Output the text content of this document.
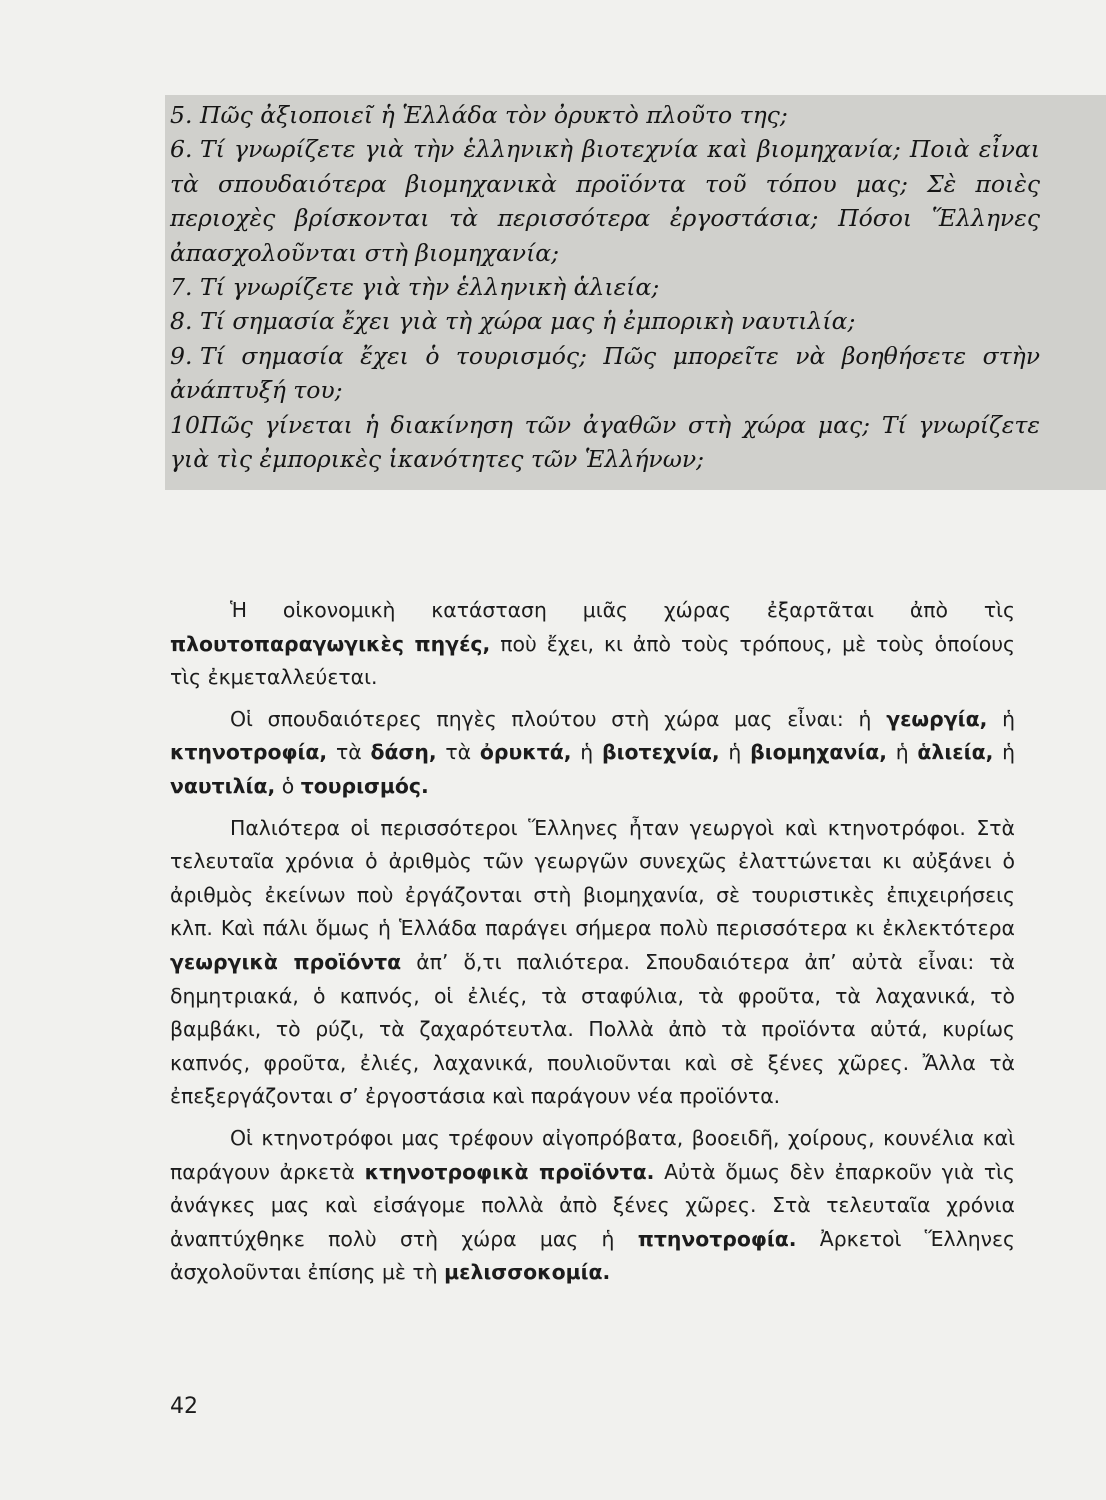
5. Πῶς ἀξιοποιεῖ ἡ Ἑλλάδα τὸν ὀρυκτὸ πλοῦτο της;
6. Τί γνωρίζετε γιὰ τὴν ἑλληνικὴ βιοτεχνία καὶ βιομηχανία; Ποιὰ εἶναι τὰ σπουδαιότερα βιομηχανικὰ προϊόντα τοῦ τόπου μας; Σὲ ποιὲς περιοχὲς βρίσκονται τὰ περισσότερα ἐργοστάσια; Πόσοι Ἕλληνες ἀπασχολοῦνται στὴ βιομηχανία;
7. Τί γνωρίζετε γιὰ τὴν ἑλληνικὴ ἁλιεία;
8. Τί σημασία ἔχει γιὰ τὴ χώρα μας ἡ ἐμπορικὴ ναυτιλία;
9. Τί σημασία ἔχει ὁ τουρισμός; Πῶς μπορεῖτε νὰ βοηθήσετε στὴν ἀνάπτυξή του;
10.Πῶς γίνεται ἡ διακίνηση τῶν ἀγαθῶν στὴ χώρα μας; Τί γνωρίζετε γιὰ τὶς ἐμπορικὲς ἱκανότητες τῶν Ἑλλήνων;

Ἡ οἰκονομικὴ κατάσταση μιᾶς χώρας ἐξαρτᾶται ἀπὸ τὶς πλουτοπαραγωγικὲς πηγές, ποὺ ἔχει, κι ἀπὸ τοὺς τρόπους, μὲ τοὺς ὁποίους τὶς ἐκμεταλλεύεται.

Οἱ σπουδαιότερες πηγὲς πλούτου στὴ χώρα μας εἶναι: ἡ γεωργία, ἡ κτηνοτροφία, τὰ δάση, τὰ ὀρυκτά, ἡ βιοτεχνία, ἡ βιομηχανία, ἡ ἁλιεία, ἡ ναυτιλία, ὁ τουρισμός.

Παλιότερα οἱ περισσότεροι Ἕλληνες ἦταν γεωργοὶ καὶ κτηνοτρόφοι. Στὰ τελευταῖα χρόνια ὁ ἀριθμὸς τῶν γεωργῶν συνεχῶς ἐλαττώνεται κι αὐξάνει ὁ ἀριθμὸς ἐκείνων ποὺ ἐργάζονται στὴ βιομηχανία, σὲ τουριστικὲς ἐπιχειρήσεις κλπ. Καὶ πάλι ὅμως ἡ Ἑλλάδα παράγει σήμερα πολὺ περισσότερα κι ἐκλεκτότερα γεωργικὰ προϊόντα ἀπ’ ὅ,τι παλιότερα. Σπουδαιότερα ἀπ’ αὐτὰ εἶναι: τὰ δημητριακά, ὁ καπνός, οἱ ἐλιές, τὰ σταφύλια, τὰ φροῦτα, τὰ λαχανικά, τὸ βαμβάκι, τὸ ρύζι, τὰ ζαχαρότευτλα. Πολλὰ ἀπὸ τὰ προϊόντα αὐτά, κυρίως καπνός, φροῦτα, ἐλιές, λαχανικά, πουλιοῦνται καὶ σὲ ξένες χῶρες. Ἄλλα τὰ ἐπεξεργάζονται σ’ ἐργοστάσια καὶ παράγουν νέα προϊόντα.

Οἱ κτηνοτρόφοι μας τρέφουν αἰγοπρόβατα, βοοειδῆ, χοίρους, κουνέλια καὶ παράγουν ἀρκετὰ κτηνοτροφικὰ προϊόντα. Αὐτὰ ὅμως δὲν ἐπαρκοῦν γιὰ τὶς ἀνάγκες μας καὶ εἰσάγομε πολλὰ ἀπὸ ξένες χῶρες. Στὰ τελευταῖα χρόνια ἀναπτύχθηκε πολὺ στὴ χώρα μας ἡ πτηνοτροφία. Ἀρκετοὶ Ἕλληνες ἀσχολοῦνται ἐπίσης μὲ τὴ μελισσοκομία.

42
